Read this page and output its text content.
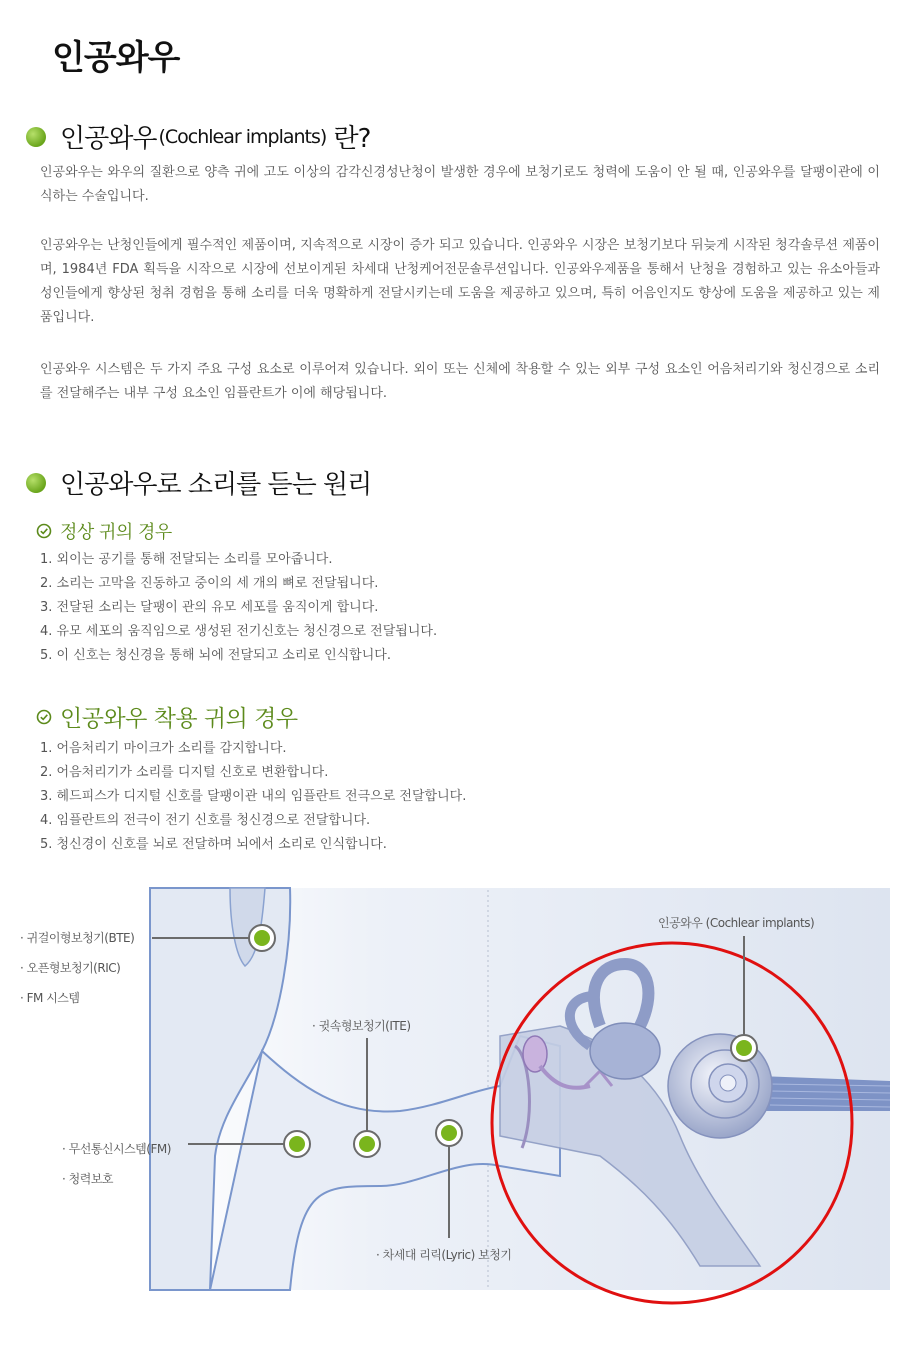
인공와우
인공와우 (Cochlear implants) 란?

인공와우는 와우의 질환으로 양측 귀에 고도 이상의 감각신경성난청이 발생한 경우에 보청기로도 청력에 도움이 안 될 때, 인공와우를 달팽이관에 이식하는 수술입니다.

인공와우는 난청인들에게 필수적인 제품이며, 지속적으로 시장이 증가 되고 있습니다. 인공와우 시장은 보청기보다 뒤늦게 시작된 청각솔루션 제품이며, 1984년 FDA 획득을 시작으로 시장에 선보이게된 차세대 난청케어전문솔루션입니다. 인공와우제품을 통해서 난청을 경험하고 있는 유소아들과 성인들에게 향상된 청취 경험을 통해 소리를 더욱 명확하게 전달시키는데 도움을 제공하고 있으며, 특히 어음인지도 향상에 도움을 제공하고 있는 제품입니다.

인공와우 시스템은 두 가지 주요 구성 요소로 이루어져 있습니다. 외이 또는 신체에 착용할 수 있는 외부 구성 요소인 어음처리기와 청신경으로 소리를 전달해주는 내부 구성 요소인 임플란트가 이에 해당됩니다.

인공와우로 소리를 듣는 원리
정상 귀의 경우
1. 외이는 공기를 통해 전달되는 소리를 모아줍니다.
2. 소리는 고막을 진동하고 중이의 세 개의 뼈로 전달됩니다.
3. 전달된 소리는 달팽이 관의 유모 세포를 움직이게 합니다.
4. 유모 세포의 움직임으로 생성된 전기신호는 청신경으로 전달됩니다.
5. 이 신호는 청신경을 통해 뇌에 전달되고 소리로 인식합니다.
인공와우 착용 귀의 경우
1. 어음처리기 마이크가 소리를 감지합니다.
2. 어음처리기가 소리를 디지털 신호로 변환합니다.
3. 헤드피스가 디지털 신호를 달팽이관 내의 임플란트 전극으로 전달합니다.
4. 임플란트의 전극이 전기 신호를 청신경으로 전달합니다.
5. 청신경이 신호를 뇌로 전달하며 뇌에서 소리로 인식합니다.
· 귀걸이형보청기(BTE)
· 오픈형보청기(RIC)
· FM 시스템
· 귓속형보청기(ITE)
· 무선통신시스템(FM)
· 청력보호
· 차세대 리릭(Lyric) 보청기
인공와우 (Cochlear implants)
